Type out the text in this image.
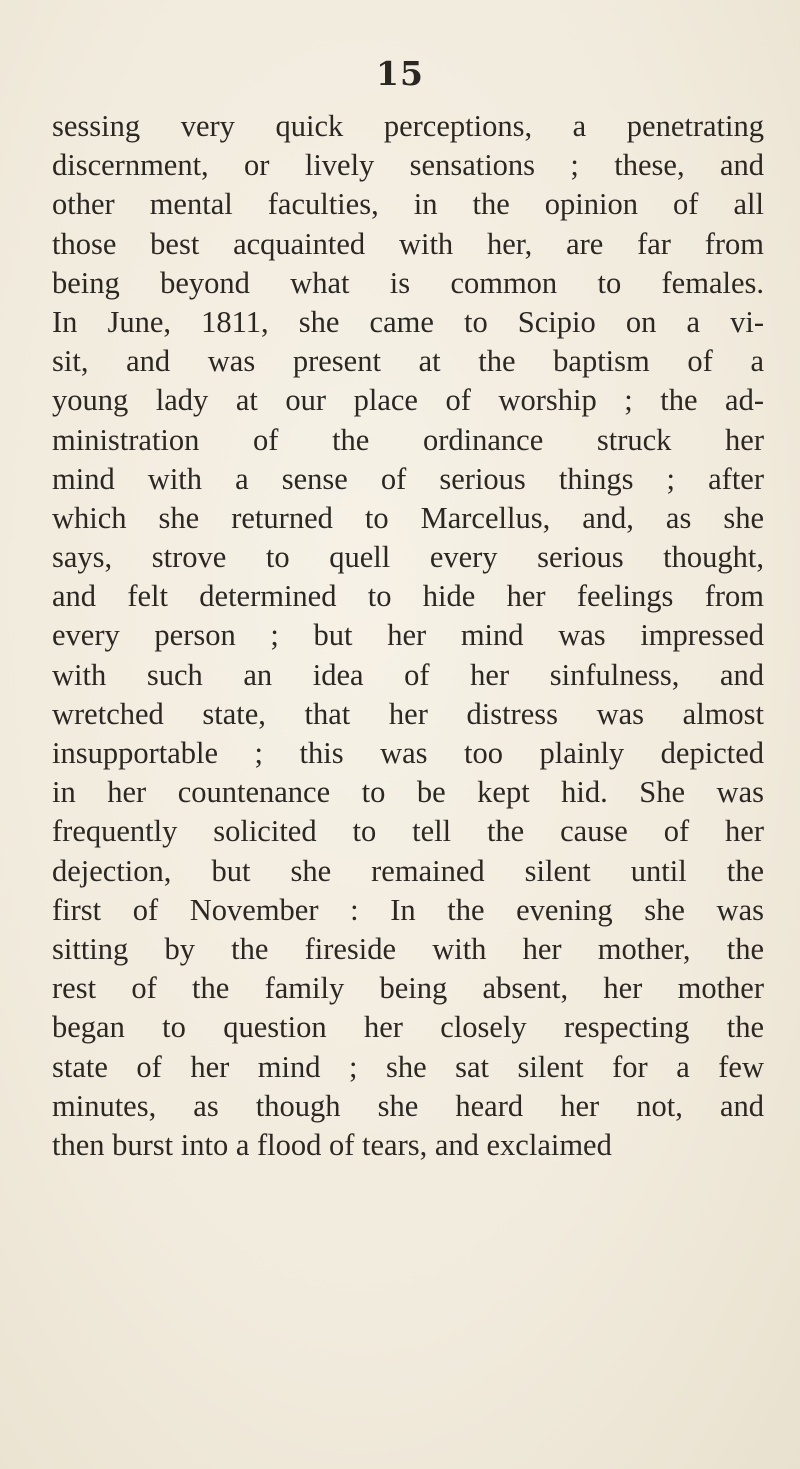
15
sessing very quick perceptions, a penetrating
discernment, or lively sensations ; these, and
other mental faculties, in the opinion of all
those best acquainted with her, are far from
being beyond what is common to females.
In June, 1811, she came to Scipio on a vi-
sit, and was present at the baptism of a
young lady at our place of worship ; the ad-
ministration of the ordinance struck her
mind with a sense of serious things ; after
which she returned to Marcellus, and, as she
says, strove to quell every serious thought,
and felt determined to hide her feelings from
every person ; but her mind was impressed
with such an idea of her sinfulness, and
wretched state, that her distress was almost
insupportable ; this was too plainly depicted
in her countenance to be kept hid. She was
frequently solicited to tell the cause of her
dejection, but she remained silent until the
first of November : In the evening she was
sitting by the fireside with her mother, the
rest of the family being absent, her mother
began to question her closely respecting the
state of her mind ; she sat silent for a few
minutes, as though she heard her not, and
then burst into a flood of tears, and exclaimed
